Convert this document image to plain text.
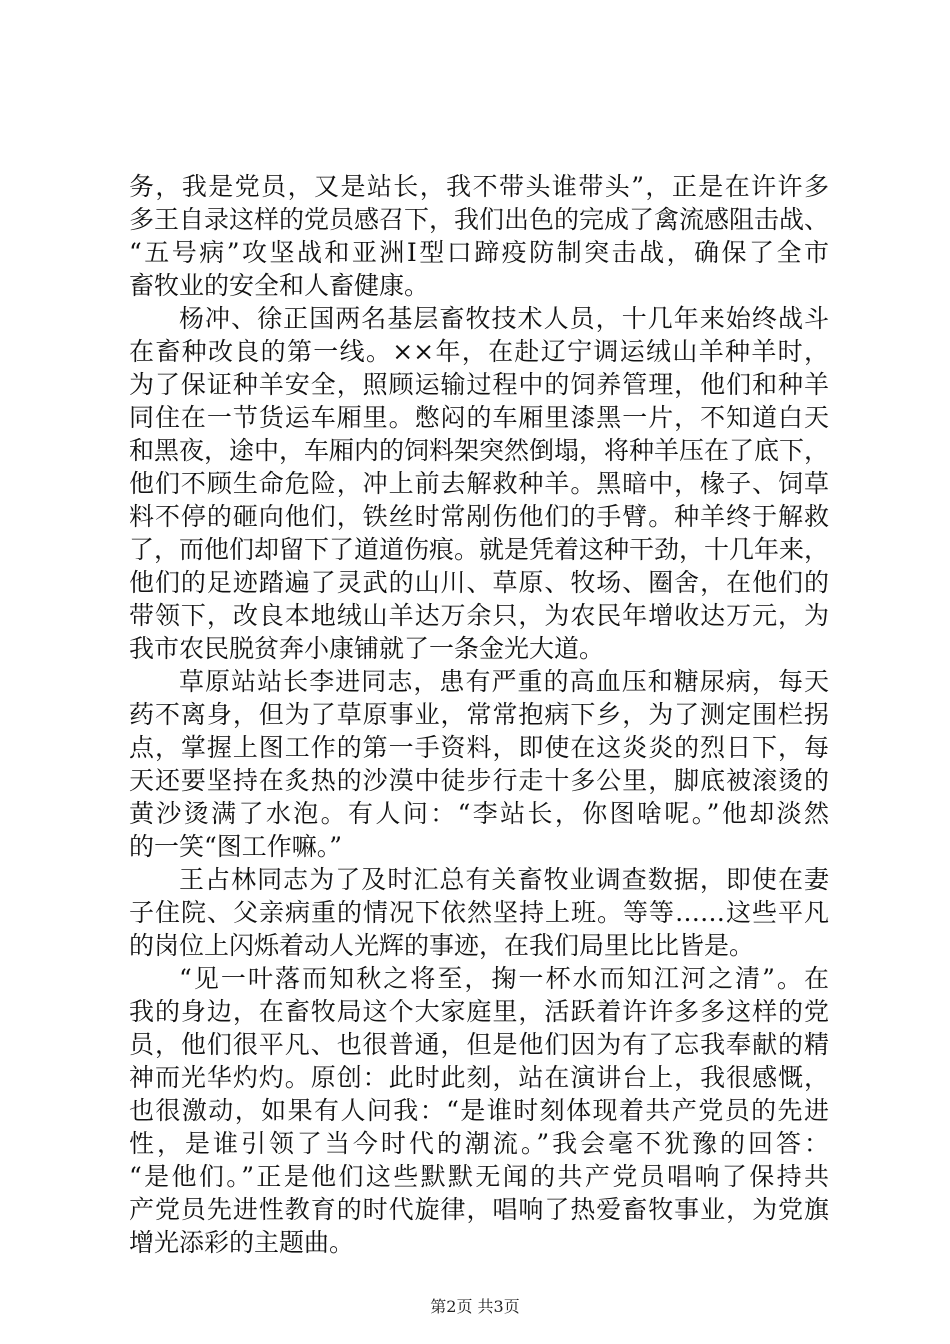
务，我是党员，又是站长，我不带头谁带头”，正是在许许多
多王自录这样的党员感召下，我们出色的完成了禽流感阻击战、
“五号病”攻坚战和亚洲Ⅰ型口蹄疫防制突击战，确保了全市
畜牧业的安全和人畜健康。
杨冲、徐正国两名基层畜牧技术人员，十几年来始终战斗
在畜种改良的第一线。××年，在赴辽宁调运绒山羊种羊时，
为了保证种羊安全，照顾运输过程中的饲养管理，他们和种羊
同住在一节货运车厢里。憋闷的车厢里漆黑一片，不知道白天
和黑夜，途中，车厢内的饲料架突然倒塌，将种羊压在了底下，
他们不顾生命危险，冲上前去解救种羊。黑暗中，椽子、饲草
料不停的砸向他们，铁丝时常剐伤他们的手臂。种羊终于解救
了，而他们却留下了道道伤痕。就是凭着这种干劲，十几年来，
他们的足迹踏遍了灵武的山川、草原、牧场、圈舍，在他们的
带领下，改良本地绒山羊达万余只，为农民年增收达万元，为
我市农民脱贫奔小康铺就了一条金光大道。
草原站站长李进同志，患有严重的高血压和糖尿病，每天
药不离身，但为了草原事业，常常抱病下乡，为了测定围栏拐
点，掌握上图工作的第一手资料，即使在这炎炎的烈日下，每
天还要坚持在炙热的沙漠中徒步行走十多公里，脚底被滚烫的
黄沙烫满了水泡。有人问：“李站长，你图啥呢。”他却淡然
的一笑“图工作嘛。”
王占林同志为了及时汇总有关畜牧业调查数据，即使在妻
子住院、父亲病重的情况下依然坚持上班。等等……这些平凡
的岗位上闪烁着动人光辉的事迹，在我们局里比比皆是。
“见一叶落而知秋之将至，掬一杯水而知江河之清”。在
我的身边，在畜牧局这个大家庭里，活跃着许许多多这样的党
员，他们很平凡、也很普通，但是他们因为有了忘我奉献的精
神而光华灼灼。原创：此时此刻，站在演讲台上，我很感慨，
也很激动，如果有人问我：“是谁时刻体现着共产党员的先进
性，是谁引领了当今时代的潮流。”我会毫不犹豫的回答：
“是他们。”正是他们这些默默无闻的共产党员唱响了保持共
产党员先进性教育的时代旋律，唱响了热爱畜牧事业，为党旗
增光添彩的主题曲。
第2页 共3页
